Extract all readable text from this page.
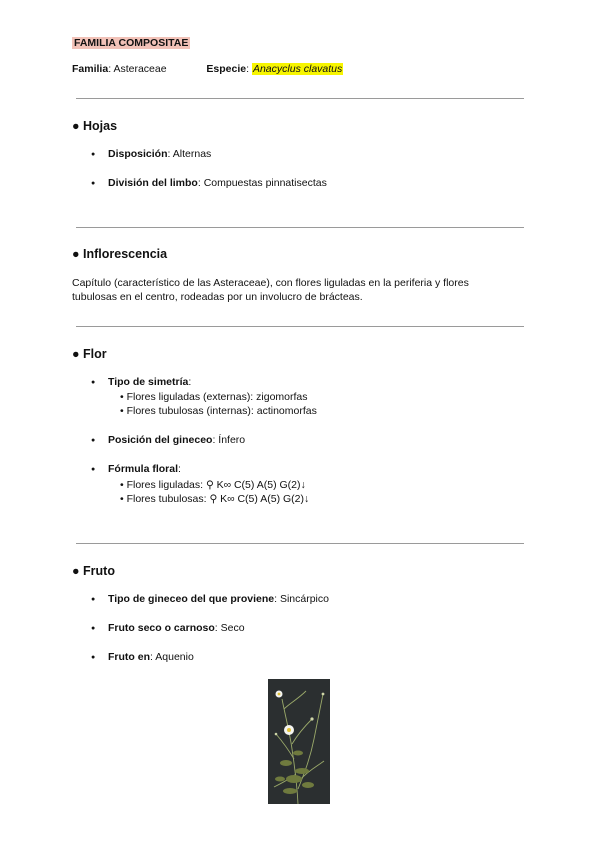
FAMILIA COMPOSITAE
Familia: Asteraceae	Especie: Anacyclus clavatus
● Hojas
● Disposición: Alternas
● División del limbo: Compuestas pinnatisectas
● Inflorescencia
Capítulo (característico de las Asteraceae), con flores liguladas en la periferia y flores
tubulosas en el centro, rodeadas por un involucro de brácteas.
● Flor
● Tipo de simetría:
• Flores liguladas (externas): zigomorfas
• Flores tubulosas (internas): actinomorfas
● Posición del gineceo: Ínfero
● Fórmula floral:
• Flores liguladas: ⚲ K∞ C(5) A(5) G(2)↓
• Flores tubulosas: ⚲ K∞ C(5) A(5) G(2)↓
● Fruto
● Tipo de gineceo del que proviene: Sincárpico
● Fruto seco o carnoso: Seco
● Fruto en: Aquenio
